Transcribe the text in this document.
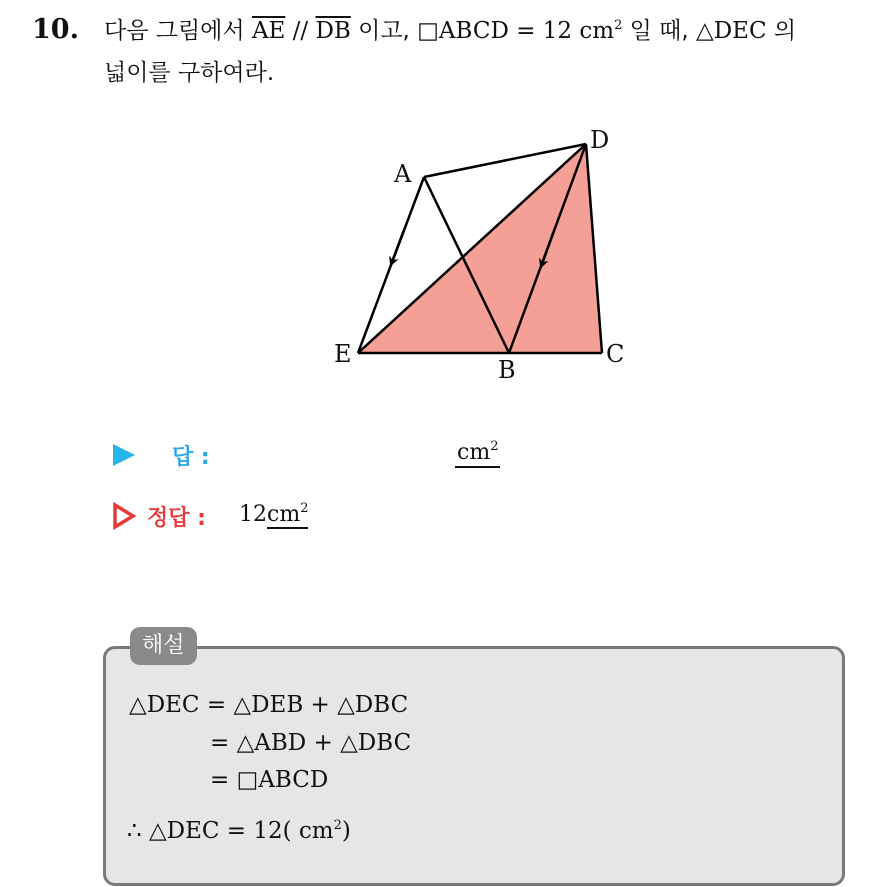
10. 다음 그림에서 $\overline{AE} // \overline{DB}$ 이고, □ABCD = 12 $cm^2$ 일 때, △DEC 의
넓이를 구하여라.
A
B
C
D
E
답 :	$cm^2$
정답 : $12cm^2$
해설
△DEC = △DEB + △DBC
= △ABD + △DBC
= □ABCD
∴ △DEC = 12( $cm^2$)
